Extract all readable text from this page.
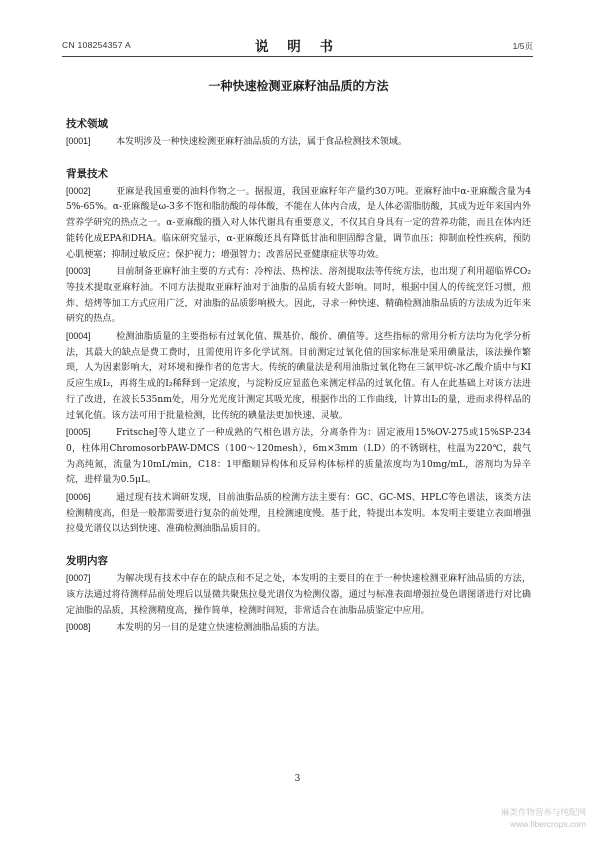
CN 108254357 A	说 明 书	1/5页
一种快速检测亚麻籽油品质的方法
技术领域

[0001]	本发明涉及一种快速检测亚麻籽油品质的方法，属于食品检测技术领域。

背景技术

[0002]	亚麻是我国重要的油料作物之一。据报道，我国亚麻籽年产量约30万吨。亚麻籽油中α-亚麻酸含量为45%-65%。α-亚麻酸是ω-3多不饱和脂肪酸的母体酸，不能在人体内合成，是人体必需脂肪酸，其成为近年来国内外营养学研究的热点之一。α-亚麻酸的摄入对人体代谢具有重要意义，不仅其自身具有一定的营养功能，而且在体内还能转化成EPA和DHA。临床研究显示，α-亚麻酸还具有降低甘油和胆固醇含量，调节血压；抑制血栓性疾病，预防心肌梗塞；抑制过敏反应；保护视力；增强智力；改善居民亚健康症状等功效。

[0003]	目前制备亚麻籽油主要的方式有：冷榨法、热榨法、溶剂提取法等传统方法，也出现了利用超临界CO₂等技术提取亚麻籽油。不同方法提取亚麻籽油对于油脂的品质有较大影响。同时，根据中国人的传统烹饪习惯，煎炸、焙烤等加工方式应用广泛，对油脂的品质影响极大。因此，寻求一种快速、精确检测油脂品质的方法成为近年来研究的热点。

[0004]	检测油脂质量的主要指标有过氧化值、羰基价、酸价、碘值等。这些指标的常用分析方法均为化学分析法，其最大的缺点是费工费时，且需使用许多化学试剂。目前测定过氧化值的国家标准是采用碘量法，该法操作繁琐，人为因素影响大，对环境和操作者的危害大。传统的碘量法是利用油脂过氧化物在三氯甲烷-冰乙酸介质中与KI反应生成I₂，再将生成的I₂稀释到一定浓度，与淀粉反应显蓝色来测定样品的过氧化值。有人在此基础上对该方法进行了改进，在波长535nm处，用分光光度计测定其吸光度，根据作出的工作曲线，计算出I₂的量，进而求得样品的过氧化值。该方法可用于批量检测，比传统的碘量法更加快速、灵敏。

[0005]	FritscheJ等人建立了一种成熟的气相色谱方法，分离条件为：固定液用15%OV-275或15%SP-2340，柱体用ChromosorbPAW-DMCS（100～120mesh），6m×3mm（I.D）的不锈钢柱，柱温为220℃，载气为高纯氮，流量为10mL/min，C18：1甲酯顺异构体和反异构体标样的质量浓度均为10mg/mL，溶剂均为异辛烷，进样量为0.5μL。

[0006]	通过现有技术调研发现，目前油脂品质的检测方法主要有：GC、GC-MS、HPLC等色谱法，该类方法检测精度高，但是一般都需要进行复杂的前处理，且检测速度慢。基于此，特提出本发明。本发明主要建立表面增强拉曼光谱仪以达到快速、准确检测油脂品质目的。

发明内容

[0007]	为解决现有技术中存在的缺点和不足之处，本发明的主要目的在于一种快速检测亚麻籽油品质的方法，该方法通过将待测样品前处理后以显微共聚焦拉曼光谱仪为检测仪器，通过与标准表面增强拉曼色谱图谱进行对比确定油脂的品质，其检测精度高，操作简单，检测时间短，非常适合在油脂品质鉴定中应用。

[0008]	本发明的另一目的是建立快速检测油脂品质的方法。

3
麻类作物营养与纯配网
www.fibercrops.com
